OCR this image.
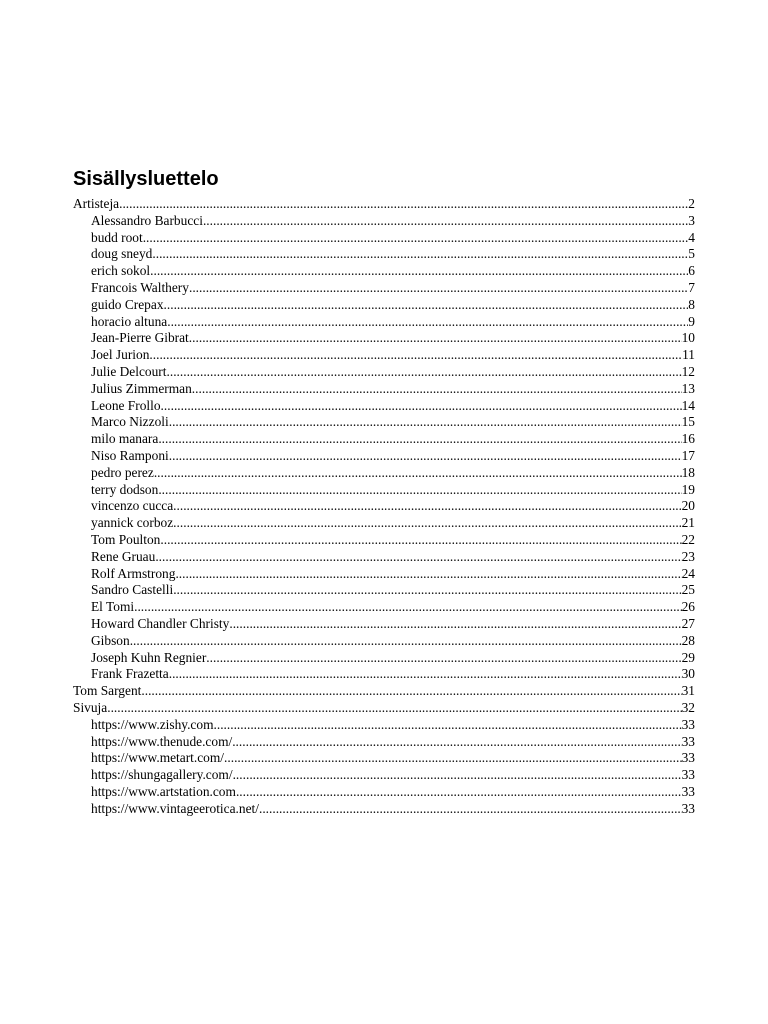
Sisällysluettelo
Artisteja .....	2
Alessandro Barbucci .....	3
budd root .....	4
doug sneyd .....	5
erich sokol .....	6
Francois Walthery .....	7
guido Crepax .....	8
horacio altuna .....	9
Jean-Pierre Gibrat .....	10
Joel Jurion .....	11
Julie Delcourt .....	12
Julius Zimmerman .....	13
Leone Frollo .....	14
Marco Nizzoli .....	15
milo manara .....	16
Niso Ramponi .....	17
pedro perez .....	18
terry dodson .....	19
vincenzo cucca .....	20
yannick corboz .....	21
Tom Poulton .....	22
Rene Gruau .....	23
Rolf Armstrong .....	24
Sandro Castelli .....	25
El Tomi .....	26
Howard Chandler Christy .....	27
Gibson .....	28
Joseph Kuhn Regnier .....	29
Frank Frazetta .....	30
Tom Sargent .....	31
Sivuja .....	32
https://www.zishy.com .....	33
https://www.thenude.com/ .....	33
https://www.metart.com/ .....	33
https://shungagallery.com/ .....	33
https://www.artstation.com .....	33
https://www.vintageerotica.net/ .....	33
